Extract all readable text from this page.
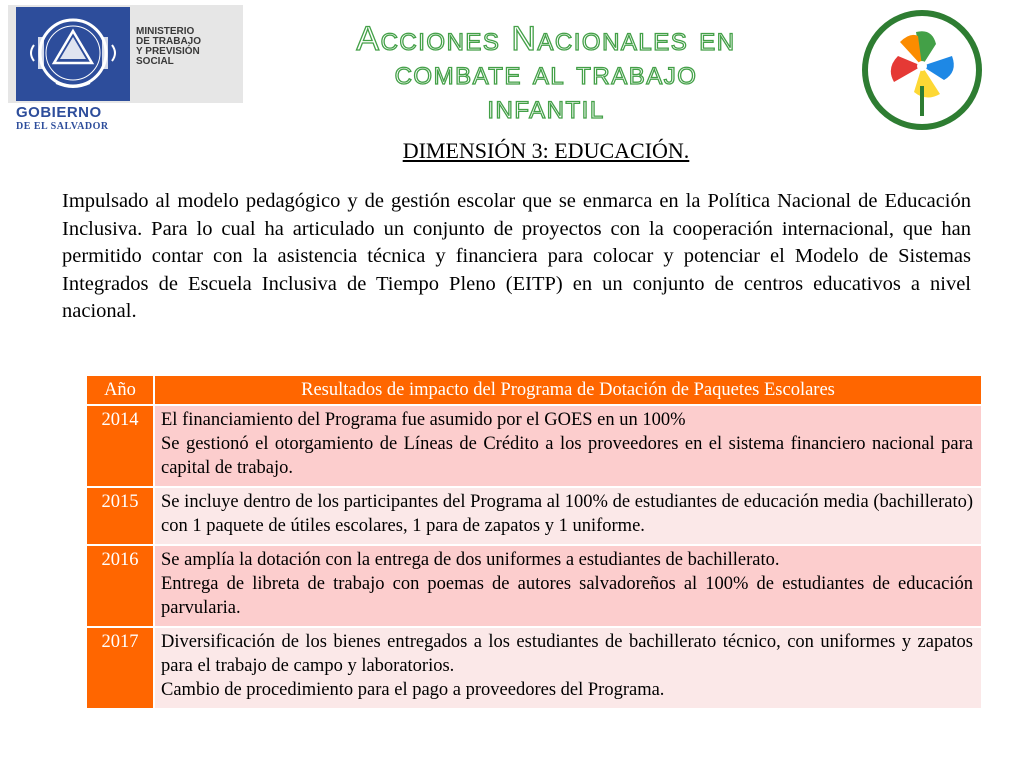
MINISTERIO
DE TRABAJO
Y PREVISIÓN
SOCIAL
GOBIERNO
DE EL SALVADOR
Acciones Nacionales en
combate al trabajo
infantil
DIMENSIÓN 3: EDUCACIÓN.
Impulsado al modelo pedagógico y de gestión escolar que se enmarca en la Política Nacional de Educación Inclusiva. Para lo cual ha articulado un conjunto de proyectos con la cooperación internacional, que han permitido contar con la asistencia técnica y financiera para colocar y potenciar el Modelo de Sistemas Integrados de Escuela Inclusiva de Tiempo Pleno (EITP) en un conjunto de centros educativos a nivel nacional.
Año	Resultados de impacto del Programa de Dotación de Paquetes Escolares
2014	El financiamiento del Programa fue asumido por el GOES en un 100%
Se gestionó el otorgamiento de Líneas de Crédito a los proveedores en el sistema financiero nacional para capital de trabajo.

2015	Se incluye dentro de los participantes del Programa al 100% de estudiantes de educación media (bachillerato) con 1 paquete de útiles escolares, 1 para de zapatos y 1 uniforme.

2016	Se amplía la dotación con la entrega de dos uniformes a estudiantes de bachillerato.
Entrega de libreta de trabajo con poemas de autores salvadoreños al 100% de estudiantes de educación parvularia.

2017	Diversificación de los bienes entregados a los estudiantes de bachillerato técnico, con uniformes y zapatos para el trabajo de campo y laboratorios.
Cambio de procedimiento para el pago a proveedores del Programa.
